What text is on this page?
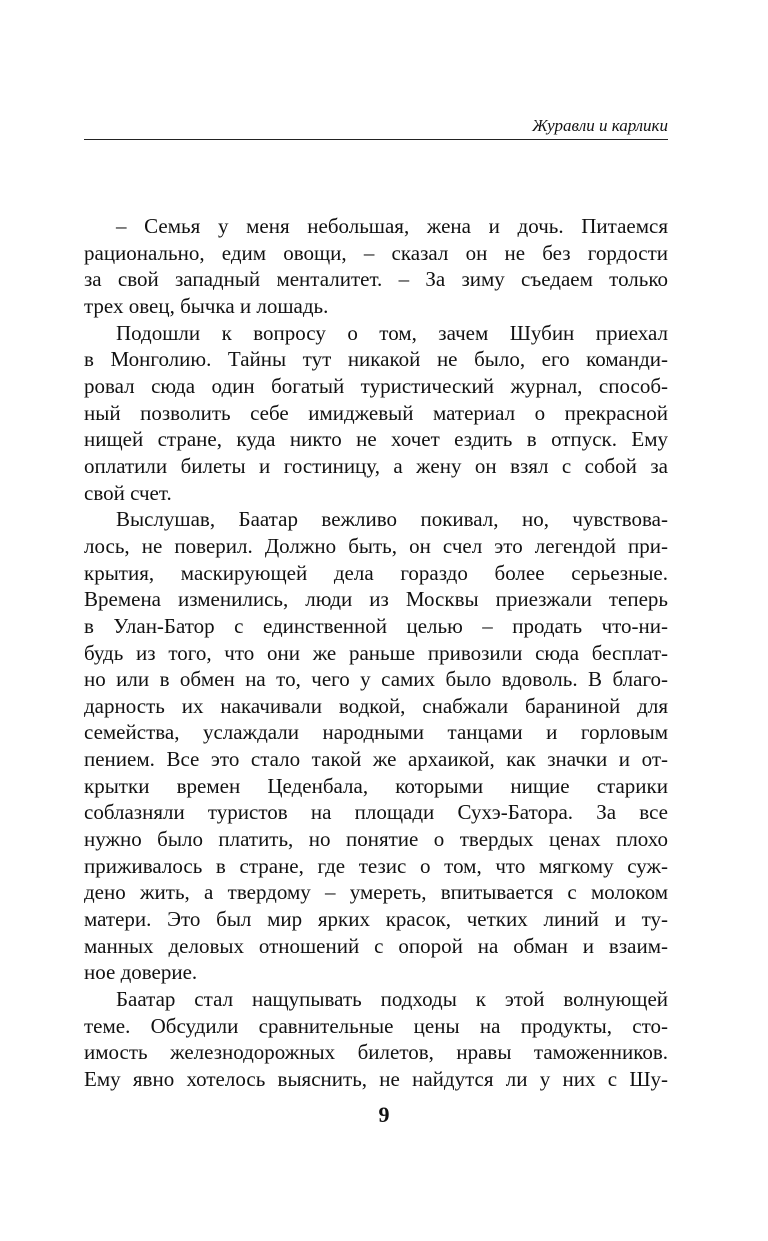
Журавли и карлики
– Семья у меня небольшая, жена и дочь. Питаемся
рационально, едим овощи, – сказал он не без гордости
за свой западный менталитет. – За зиму съедаем только
трех овец, бычка и лошадь.
Подошли к вопросу о том, зачем Шубин приехал
в Монголию. Тайны тут никакой не было, его команди-
ровал сюда один богатый туристический журнал, способ-
ный позволить себе имиджевый материал о прекрасной
нищей стране, куда никто не хочет ездить в отпуск. Ему
оплатили билеты и гостиницу, а жену он взял с собой за
свой счет.
Выслушав, Баатар вежливо покивал, но, чувствова-
лось, не поверил. Должно быть, он счел это легендой при-
крытия, маскирующей дела гораздо более серьезные.
Времена изменились, люди из Москвы приезжали теперь
в Улан-Батор с единственной целью – продать что-ни-
будь из того, что они же раньше привозили сюда бесплат-
но или в обмен на то, чего у самих было вдоволь. В благо-
дарность их накачивали водкой, снабжали бараниной для
семейства, услаждали народными танцами и горловым
пением. Все это стало такой же архаикой, как значки и от-
крытки времен Цеденбала, которыми нищие старики
соблазняли туристов на площади Сухэ-Батора. За все
нужно было платить, но понятие о твердых ценах плохо
приживалось в стране, где тезис о том, что мягкому суж-
дено жить, а твердому – умереть, впитывается с молоком
матери. Это был мир ярких красок, четких линий и ту-
манных деловых отношений с опорой на обман и взаим-
ное доверие.
Баатар стал нащупывать подходы к этой волнующей
теме. Обсудили сравнительные цены на продукты, сто-
имость железнодорожных билетов, нравы таможенников.
Ему явно хотелось выяснить, не найдутся ли у них с Шу-
9
